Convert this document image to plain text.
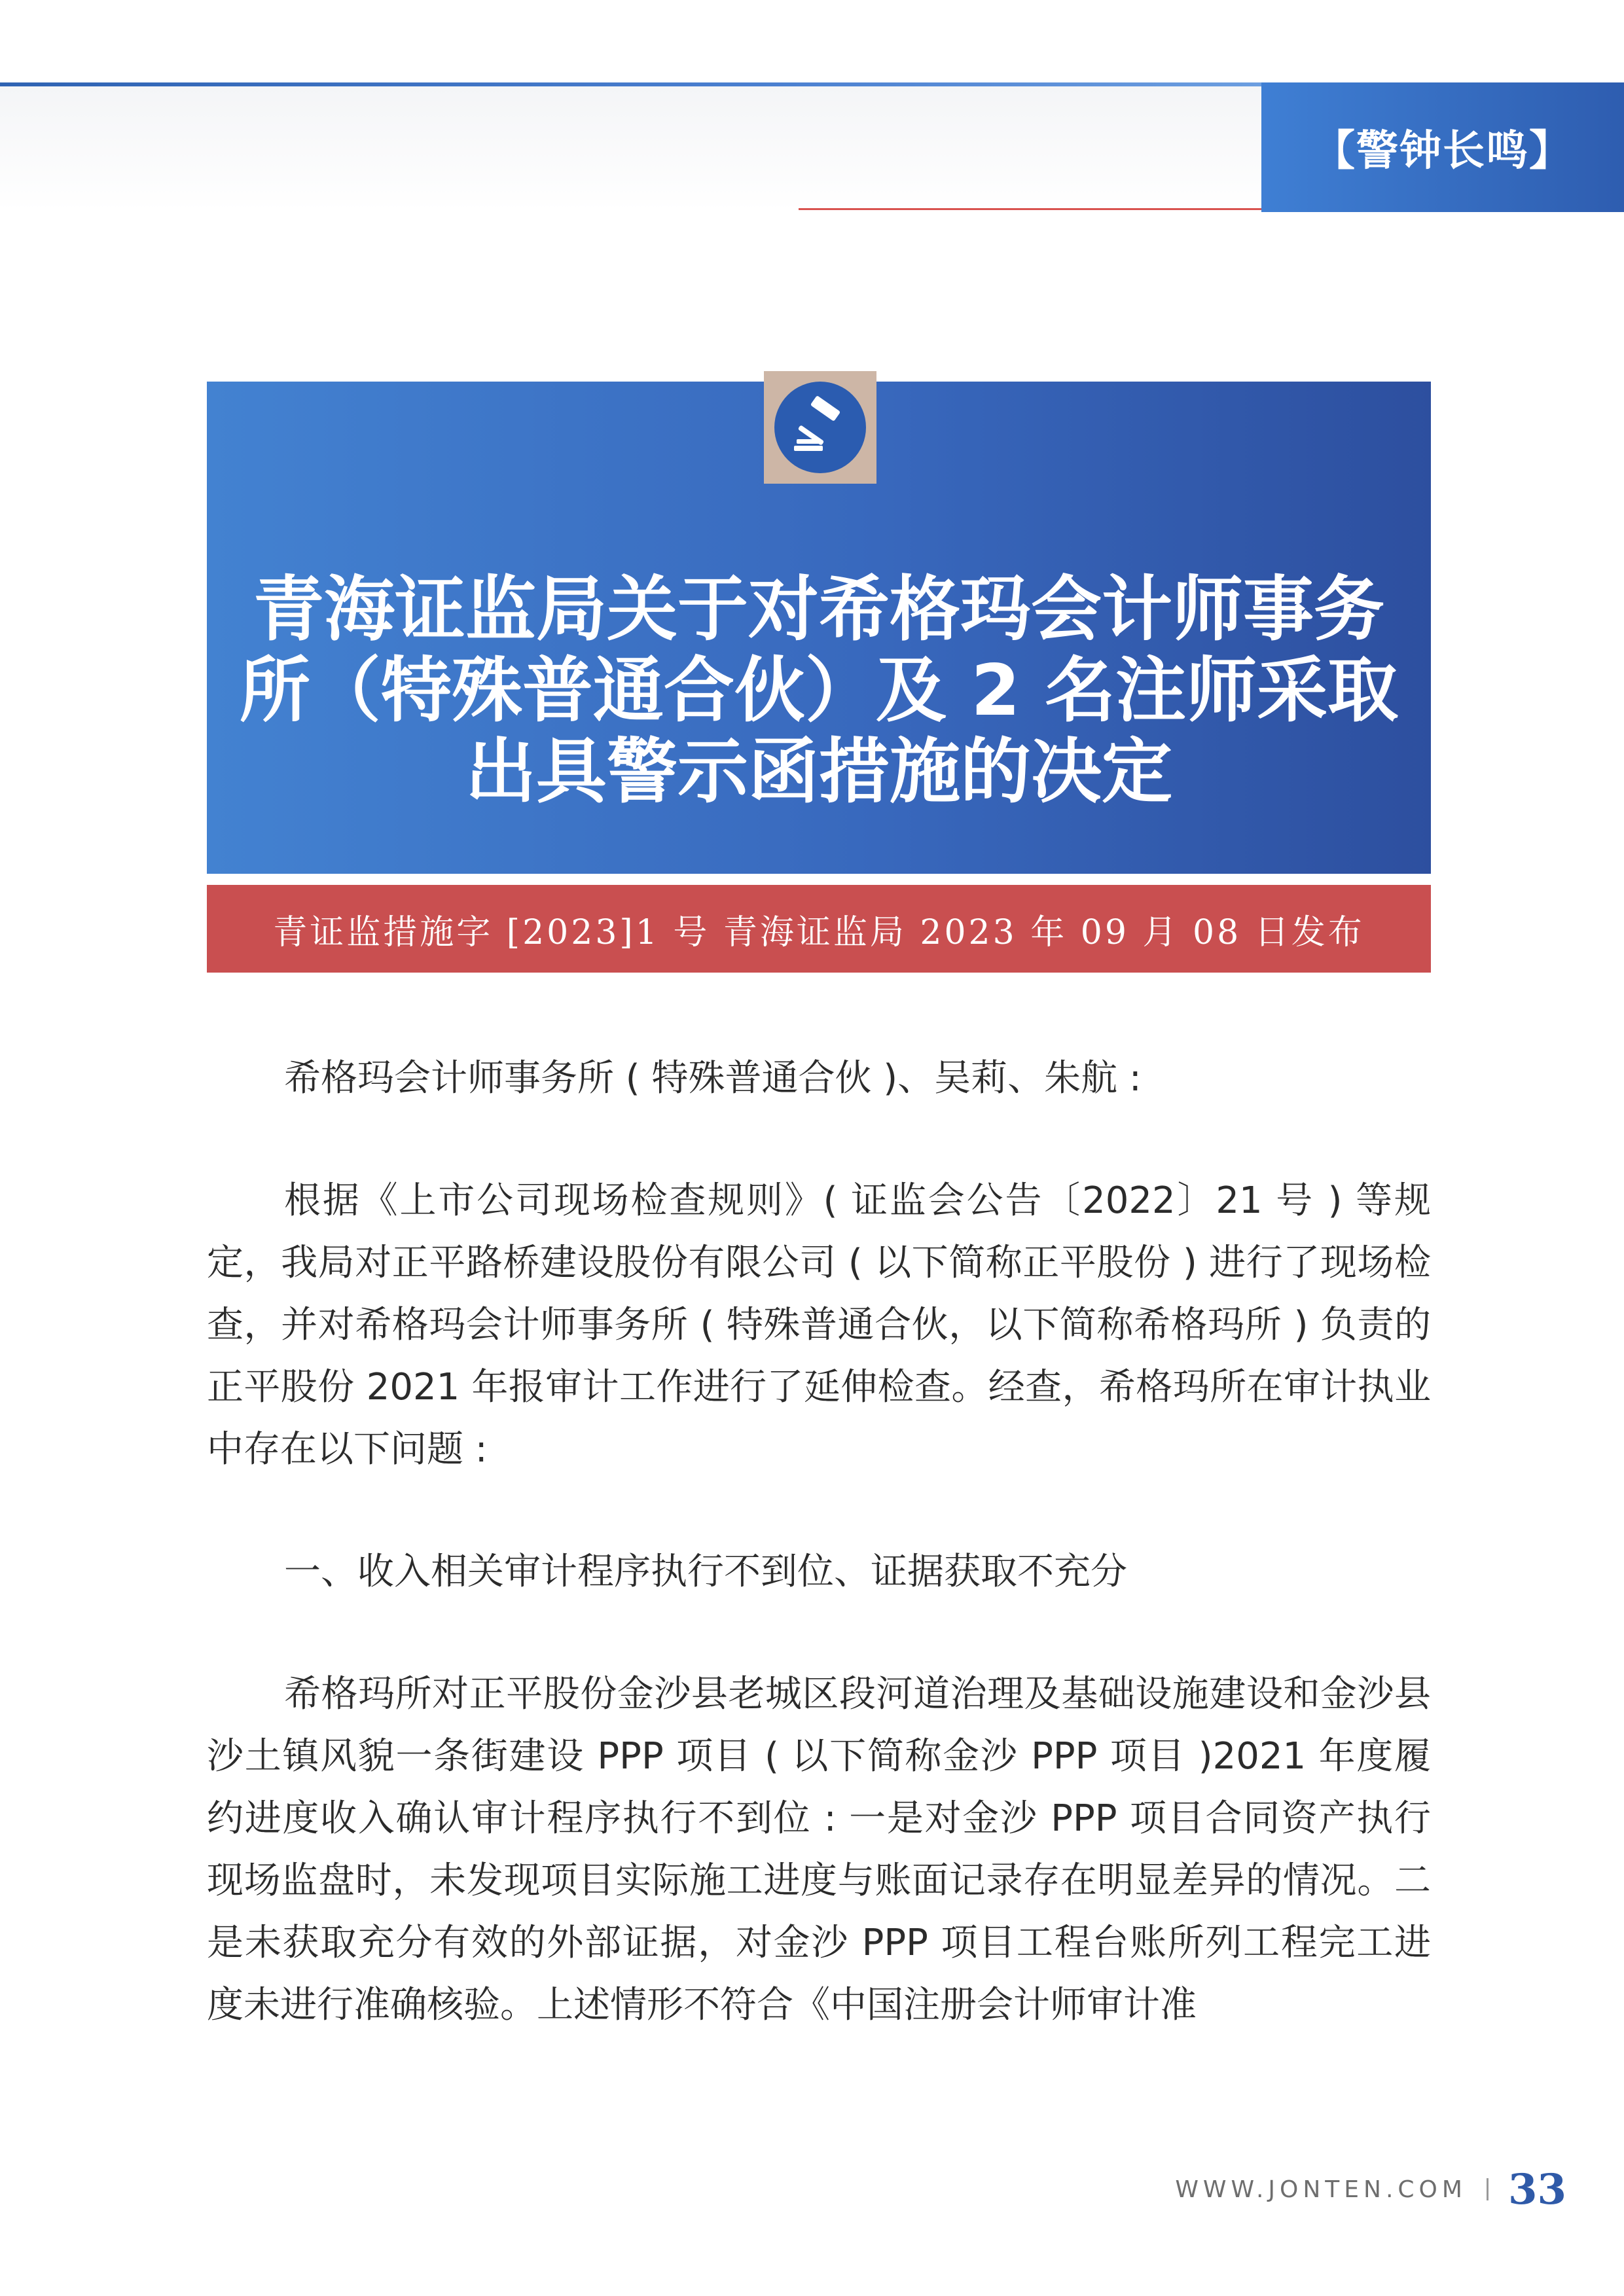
【警钟长鸣】
青海证监局关于对希格玛会计师事务所（特殊普通合伙）及 2 名注师采取出具警示函措施的决定
青证监措施字 [2023]1 号 青海证监局 2023 年 09 月 08 日发布

希格玛会计师事务所 ( 特殊普通合伙 )、吴莉、朱航 :

根据《上市公司现场检查规则》( 证监会公告〔2022〕21 号 ) 等规定，我局对正平路桥建设股份有限公司 ( 以下简称正平股份 ) 进行了现场检查，并对希格玛会计师事务所 ( 特殊普通合伙，以下简称希格玛所 ) 负责的正平股份 2021 年报审计工作进行了延伸检查。经查，希格玛所在审计执业中存在以下问题 :

一、收入相关审计程序执行不到位、证据获取不充分

希格玛所对正平股份金沙县老城区段河道治理及基础设施建设和金沙县沙土镇风貌一条街建设 PPP 项目 ( 以下简称金沙 PPP 项目 )2021 年度履约进度收入确认审计程序执行不到位 : 一是对金沙 PPP 项目合同资产执行现场监盘时，未发现项目实际施工进度与账面记录存在明显差异的情况。二是未获取充分有效的外部证据，对金沙 PPP 项目工程台账所列工程完工进度未进行准确核验。上述情形不符合《中国注册会计师审计准

WWW.JONTEN.COM 33
